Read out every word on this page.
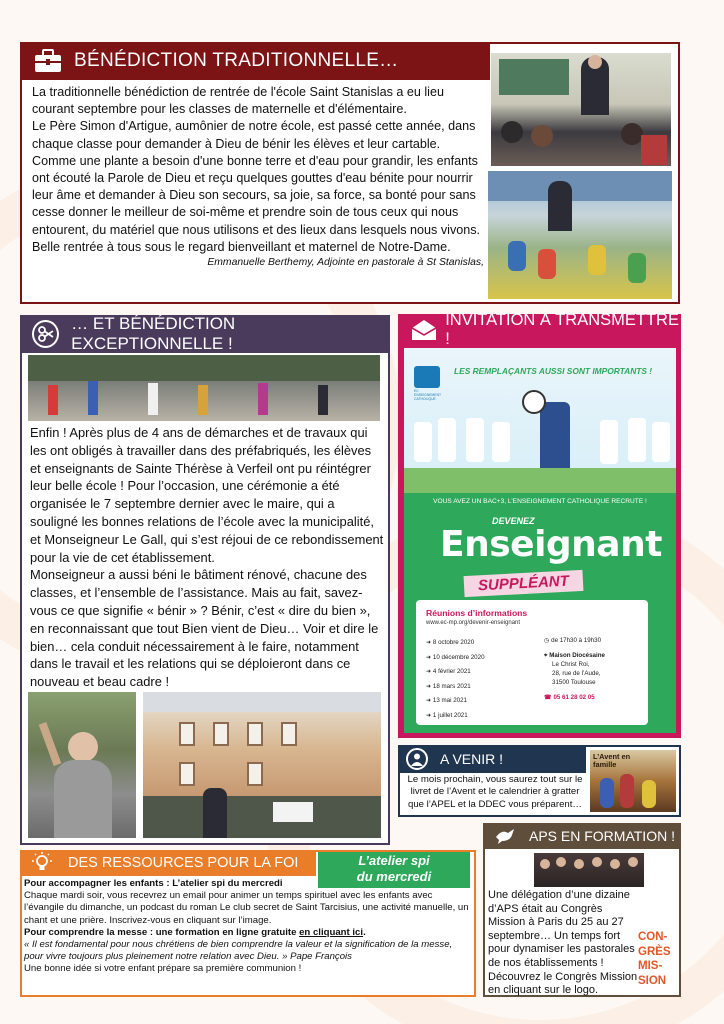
BÉNÉDICTION TRADITIONNELLE…
La traditionnelle bénédiction de rentrée de l'école Saint Stanislas a eu lieu courant septembre pour les classes de maternelle et d'élémentaire.
Le Père Simon d'Artigue, aumônier de notre école, est passé cette année, dans chaque classe pour demander à Dieu de bénir les élèves et leur cartable. Comme une plante a besoin d'une bonne terre et d'eau pour grandir, les enfants ont écouté la Parole de Dieu et reçu quelques gouttes d'eau bénite pour nourrir leur âme et demander à Dieu son secours, sa joie, sa force, sa bonté pour sans cesse donner le meilleur de soi-même et prendre soin de tous ceux qui nous entourent, du matériel que nous utilisons et des lieux dans lesquels nous vivons.
Belle rentrée à tous sous le regard bienveillant et maternel de Notre-Dame.
Emmanuelle Berthemy, Adjointe en pastorale à St Stanislas,
… ET BÉNÉDICTION EXCEPTIONNELLE !
Enfin ! Après plus de 4 ans de démarches et de travaux qui les ont obligés à travailler dans des préfabriqués, les élèves et enseignants de Sainte Thérèse à Verfeil ont pu réintégrer leur belle école ! Pour l’occasion, une cérémonie a été organisée le 7 septembre dernier avec le maire, qui a souligné les bonnes relations de l’école avec la municipalité, et Monseigneur Le Gall, qui s’est réjoui de ce rebondissement pour la vie de cet établissement.
Monseigneur a aussi béni le bâtiment rénové, chacune des classes, et l’ensemble de l’assistance. Mais au fait, savez-vous ce que signifie « bénir » ? Bénir, c’est « dire du bien », en reconnaissant que tout Bien vient de Dieu… Voir et dire le bien… cela conduit nécessairement à le faire, notamment dans le travail et les relations qui se déploieront dans ce nouveau et beau cadre !
INVITATION À TRANSMETTRE !
EC ENSEIGNEMENT CATHOLIQUE
LES REMPLAÇANTS AUSSI SONT IMPORTANTS !
VOUS AVEZ UN BAC+3, L’ENSEIGNEMENT CATHOLIQUE RECRUTE !
DEVENEZ
Enseignant
SUPPLÉANT
Réunions d’informations
www.ec-mp.org/devenir-enseignant
➜ 8 octobre 2020
➜ 10 décembre 2020
➜ 4 février 2021
➜ 18 mars 2021
➜ 13 mai 2021
➜ 1 juillet 2021
◷ de 17h30 à 19h30
⌖ Maison Diocésaine
Le Christ Roi,
28, rue de l’Aude,
31500 Toulouse
☎ 05 61 28 02 05
A VENIR !
Le mois prochain, vous saurez tout sur le livret de l’Avent et le calendrier à gratter que l’APEL et la DDEC vous préparent…
L’Avent en famille
DES RESSOURCES POUR LA FOI	L’atelier spi
du mercredi
Pour accompagner les enfants : L’atelier spi du mercredi
Chaque mardi soir, vous recevrez un email pour animer un temps spirituel avec les enfants avec l’évangile du dimanche, un podcast du roman Le club secret de Saint Tarcisius, une activité manuelle, un chant et une prière. Inscrivez-vous en cliquant sur l’image.
Pour comprendre la messe : une formation en ligne gratuite en cliquant ici.
« Il est fondamental pour nous chrétiens de bien comprendre la valeur et la signification de la messe, pour vivre toujours plus pleinement notre relation avec Dieu. » Pape François
Une bonne idée si votre enfant prépare sa première communion !
APS EN FORMATION !
Une délégation d’une dizaine d’APS était au Congrès Mission à Paris du 25 au 27 septembre… Un temps fort pour dynamiser les pastorales de nos établissements ! Découvrez le Congrès Mission en cliquant sur le logo.
CON-
GRÈS
MIS-
SION
